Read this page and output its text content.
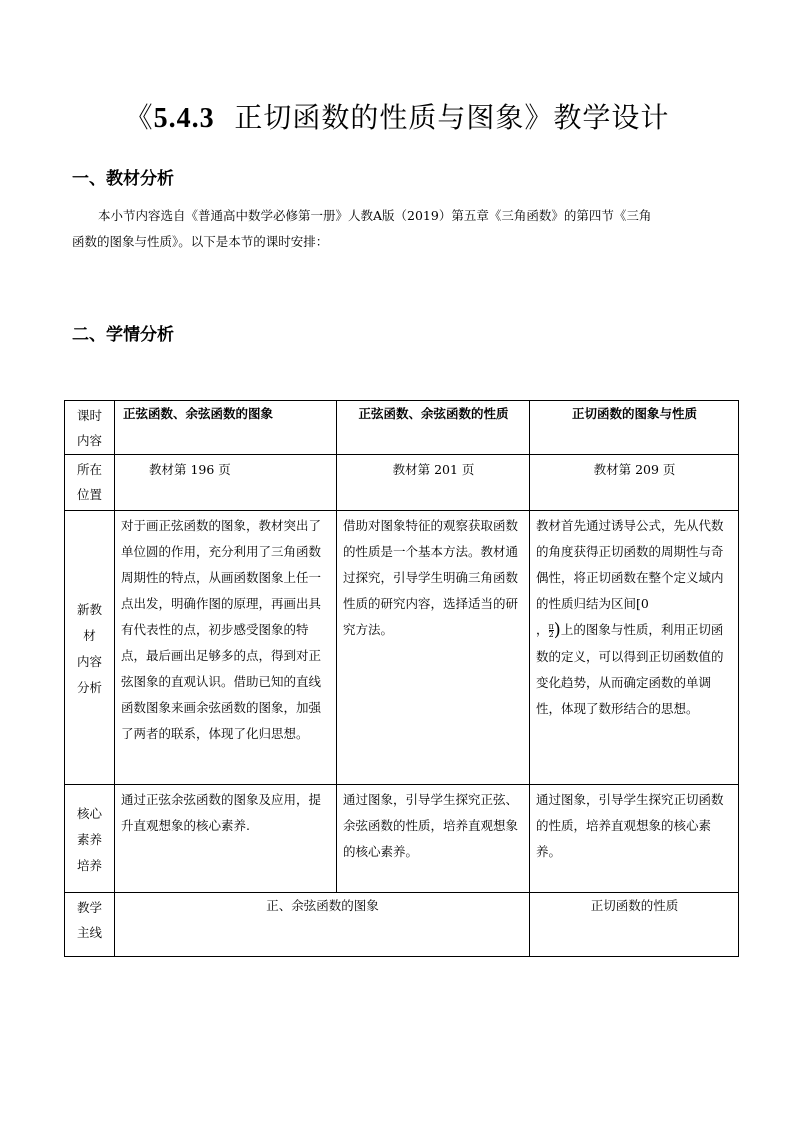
《5.4.3 正切函数的性质与图象》教学设计
一、教材分析
本小节内容选自《普通高中数学必修第一册》人教A版（2019）第五章《三角函数》的第四节《三角
函数的图象与性质》。以下是本节的课时安排：
二、学情分析
课时
内容	正弦函数、余弦函数的图象	正弦函数、余弦函数的性质	正切函数的图象与性质

所在
位置	教材第 196 页	教材第 201 页	教材第 209 页

新教
材
内容
分析	对于画正弦函数的图象，教材突出了单位圆的作用，充分利用了三角函数周期性的特点，从画函数图象上任一点出发，明确作图的原理，再画出具有代表性的点，初步感受图象的特点，最后画出足够多的点，得到对正弦图象的直观认识。借助已知的直线函数图象来画余弦函数的图象，加强了两者的联系，体现了化归思想。	借助对图象特征的观察获取函数的性质是一个基本方法。教材通过探究，引导学生明确三角函数性质的研究内容，选择适当的研究方法。	教材首先通过诱导公式，先从代数的角度获得正切函数的周期性与奇偶性，将正切函数在整个定义域内的性质归结为区间[0
， $\frac{\pi}{2}$ )上的图象与性质，利用正切函数的定义，可以得到正切函数值的变化趋势，从而确定函数的单调性，体现了数形结合的思想。

核心
素养
培养	通过正弦余弦函数的图象及应用，提升直观想象的核心素养.	通过图象，引导学生探究正弦、余弦函数的性质，培养直观想象的核心素养。	通过图象，引导学生探究正切函数的性质，培养直观想象的核心素养。

教学
主线	正、余弦函数的图象		正切函数的性质
